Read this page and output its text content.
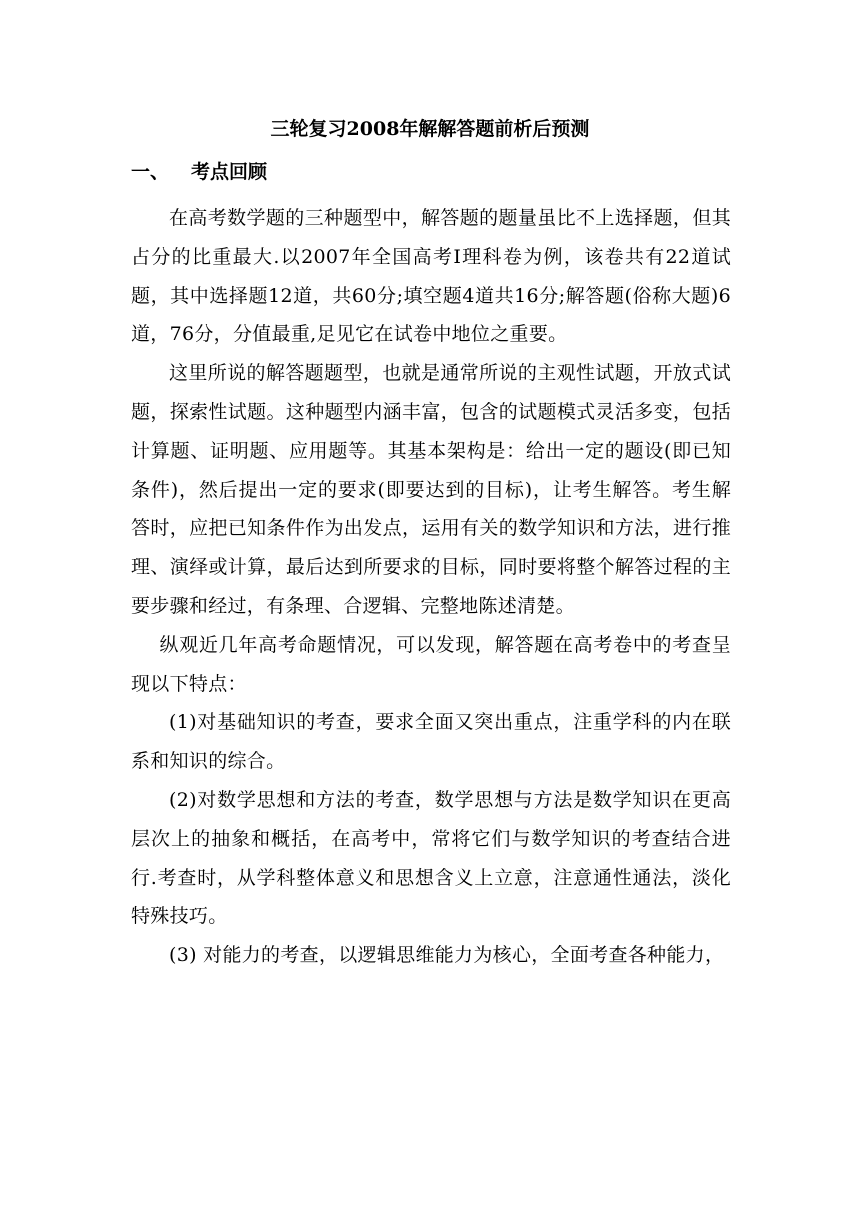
三轮复习2008年解解答题前析后预测
一、 考点回顾

在高考数学题的三种题型中，解答题的题量虽比不上选择题，但其占分的比重最大.以2007年全国高考I理科卷为例，该卷共有22道试题，其中选择题12道，共60分;填空题4道共16分;解答题(俗称大题)6道，76分，分值最重,足见它在试卷中地位之重要。

这里所说的解答题题型，也就是通常所说的主观性试题，开放式试题，探索性试题。这种题型内涵丰富，包含的试题模式灵活多变，包括计算题、证明题、应用题等。其基本架构是：给出一定的题设(即已知条件)，然后提出一定的要求(即要达到的目标)，让考生解答。考生解答时，应把已知条件作为出发点，运用有关的数学知识和方法，进行推理、演绎或计算，最后达到所要求的目标，同时要将整个解答过程的主要步骤和经过，有条理、合逻辑、完整地陈述清楚。

纵观近几年高考命题情况，可以发现，解答题在高考卷中的考查呈现以下特点：

(1)对基础知识的考查，要求全面又突出重点，注重学科的内在联系和知识的综合。

(2)对数学思想和方法的考查，数学思想与方法是数学知识在更高层次上的抽象和概括，在高考中，常将它们与数学知识的考查结合进行.考查时，从学科整体意义和思想含义上立意，注意通性通法，淡化特殊技巧。

(3) 对能力的考查，以逻辑思维能力为核心，全面考查各种能力，
